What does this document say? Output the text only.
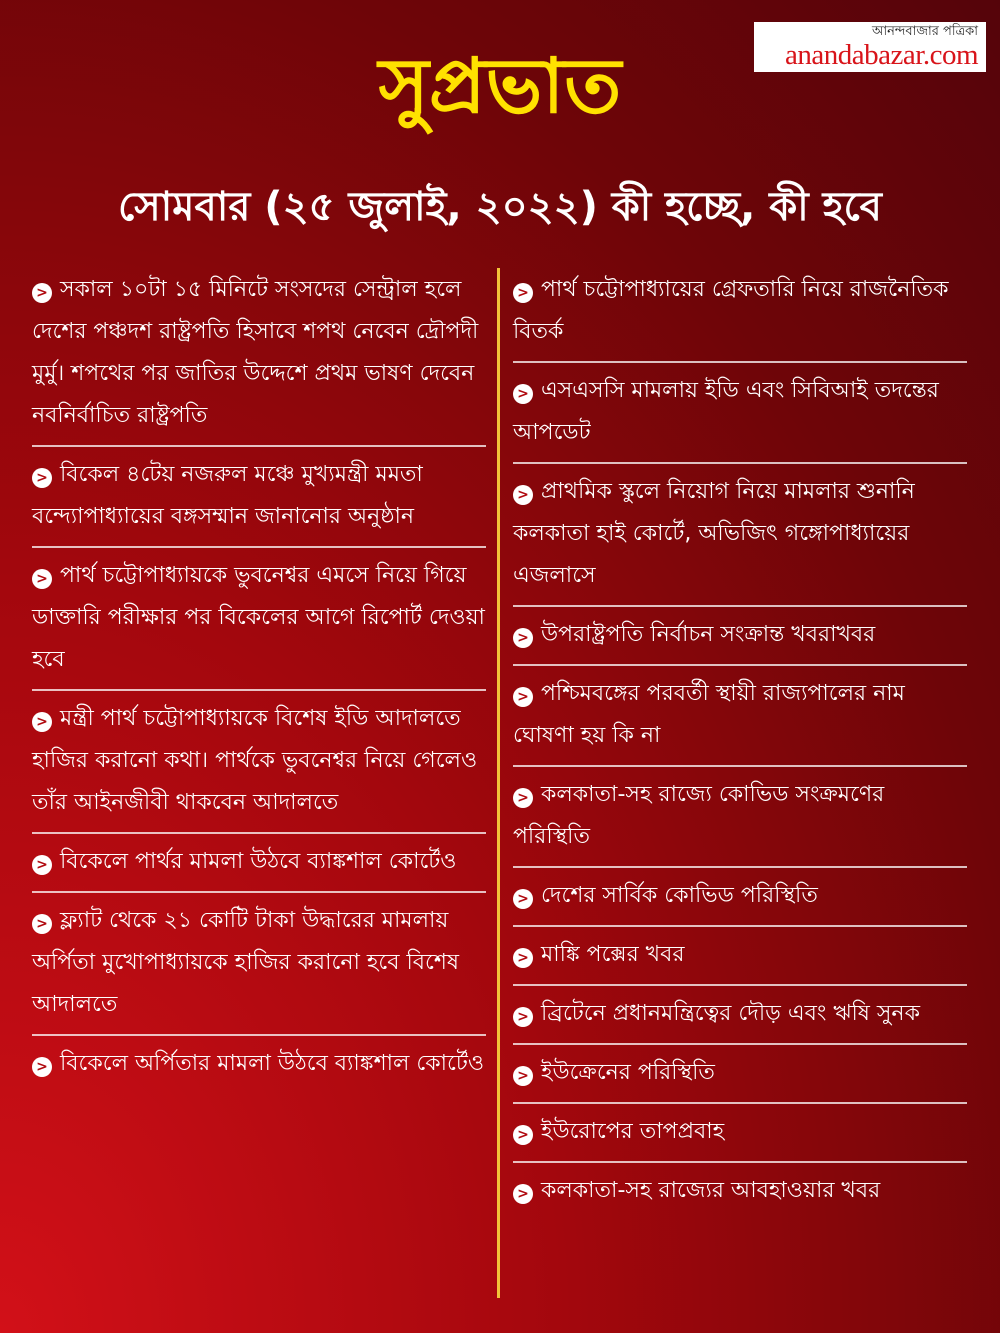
আনন্দবাজার পত্রিকা
anandabazar.com
সুপ্রভাত
সোমবার (২৫ জুলাই, ২০২২) কী হচ্ছে, কী হবে
> সকাল ১০টা ১৫ মিনিটে সংসদের সেন্ট্রাল হলে দেশের পঞ্চদশ রাষ্ট্রপতি হিসাবে শপথ নেবেন দ্রৌপদী মুর্মু। শপথের পর জাতির উদ্দেশে প্রথম ভাষণ দেবেন নবনির্বাচিত রাষ্ট্রপতি
> বিকেল ৪টেয় নজরুল মঞ্চে মুখ্যমন্ত্রী মমতা বন্দ্যোপাধ্যায়ের বঙ্গসম্মান জানানোর অনুষ্ঠান
> পার্থ চট্টোপাধ্যায়কে ভুবনেশ্বর এমসে নিয়ে গিয়ে ডাক্তারি পরীক্ষার পর বিকেলের আগে রিপোর্ট দেওয়া হবে
> মন্ত্রী পার্থ চট্টোপাধ্যায়কে বিশেষ ইডি আদালতে হাজির করানো কথা। পার্থকে ভুবনেশ্বর নিয়ে গেলেও তাঁর আইনজীবী থাকবেন আদালতে
> বিকেলে পার্থর মামলা উঠবে ব্যাঙ্কশাল কোর্টেও
> ফ্ল্যাট থেকে ২১ কোটি টাকা উদ্ধারের মামলায় অর্পিতা মুখোপাধ্যায়কে হাজির করানো হবে বিশেষ আদালতে
> বিকেলে অর্পিতার মামলা উঠবে ব্যাঙ্কশাল কোর্টেও
> পার্থ চট্টোপাধ্যায়ের গ্রেফতারি নিয়ে রাজনৈতিক বিতর্ক
> এসএসসি মামলায় ইডি এবং সিবিআই তদন্তের আপডেট
> প্রাথমিক স্কুলে নিয়োগ নিয়ে মামলার শুনানি কলকাতা হাই কোর্টে, অভিজিৎ গঙ্গোপাধ্যায়ের এজলাসে
> উপরাষ্ট্রপতি নির্বাচন সংক্রান্ত খবরাখবর
> পশ্চিমবঙ্গের পরবর্তী স্থায়ী রাজ্যপালের নাম ঘোষণা হয় কি না
> কলকাতা-সহ রাজ্যে কোভিড সংক্রমণের পরিস্থিতি
> দেশের সার্বিক কোভিড পরিস্থিতি
> মাঙ্কি পক্সের খবর
> ব্রিটেনে প্রধানমন্ত্রিত্বের দৌড় এবং ঋষি সুনক
> ইউক্রেনের পরিস্থিতি
> ইউরোপের তাপপ্রবাহ
> কলকাতা-সহ রাজ্যের আবহাওয়ার খবর
